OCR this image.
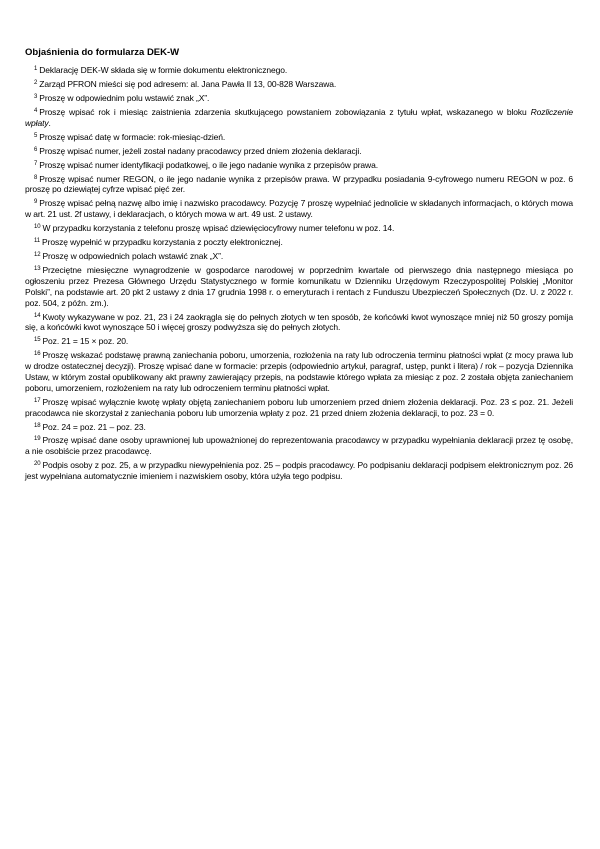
Objaśnienia do formularza DEK-W

$^1$ Deklarację DEK-W składa się w formie dokumentu elektronicznego.

$^2$ Zarząd PFRON mieści się pod adresem: al. Jana Pawła II 13, 00-828 Warszawa.

$^3$ Proszę w odpowiednim polu wstawić znak „X”.

$^4$ Proszę wpisać rok i miesiąc zaistnienia zdarzenia skutkującego powstaniem zobowiązania z tytułu wpłat, wskazanego w bloku Rozliczenie wpłaty.

$^5$ Proszę wpisać datę w formacie: rok-miesiąc-dzień.

$^6$ Proszę wpisać numer, jeżeli został nadany pracodawcy przed dniem złożenia deklaracji.

$^7$ Proszę wpisać numer identyfikacji podatkowej, o ile jego nadanie wynika z przepisów prawa.

$^8$ Proszę wpisać numer REGON, o ile jego nadanie wynika z przepisów prawa. W przypadku posiadania 9-cyfrowego numeru REGON w poz. 6 proszę po dziewiątej cyfrze wpisać pięć zer.

$^9$ Proszę wpisać pełną nazwę albo imię i nazwisko pracodawcy. Pozycję 7 proszę wypełniać jednolicie w składanych informacjach, o których mowa w art. 21 ust. 2f ustawy, i deklaracjach, o których mowa w art. 49 ust. 2 ustawy.

$^{10}$ W przypadku korzystania z telefonu proszę wpisać dziewięciocyfrowy numer telefonu w poz. 14.

$^{11}$ Proszę wypełnić w przypadku korzystania z poczty elektronicznej.

$^{12}$ Proszę w odpowiednich polach wstawić znak „X”.

$^{13}$ Przeciętne miesięczne wynagrodzenie w gospodarce narodowej w poprzednim kwartale od pierwszego dnia następnego miesiąca po ogłoszeniu przez Prezesa Głównego Urzędu Statystycznego w formie komunikatu w Dzienniku Urzędowym Rzeczypospolitej Polskiej „Monitor Polski”, na podstawie art. 20 pkt 2 ustawy z dnia 17 grudnia 1998 r. o emeryturach i rentach z Funduszu Ubezpieczeń Społecznych (Dz. U. z 2022 r. poz. 504, z późn. zm.).

$^{14}$ Kwoty wykazywane w poz. 21, 23 i 24 zaokrągla się do pełnych złotych w ten sposób, że końcówki kwot wynoszące mniej niż 50 groszy pomija się, a końcówki kwot wynoszące 50 i więcej groszy podwyższa się do pełnych złotych.

$^{15}$ Poz. 21 = 15 × poz. 20.

$^{16}$ Proszę wskazać podstawę prawną zaniechania poboru, umorzenia, rozłożenia na raty lub odroczenia terminu płatności wpłat (z mocy prawa lub w drodze ostatecznej decyzji). Proszę wpisać dane w formacie: przepis (odpowiednio artykuł, paragraf, ustęp, punkt i litera) / rok – pozycja Dziennika Ustaw, w którym został opublikowany akt prawny zawierający przepis, na podstawie którego wpłata za miesiąc z poz. 2 została objęta zaniechaniem poboru, umorzeniem, rozłożeniem na raty lub odroczeniem terminu płatności wpłat.

$^{17}$ Proszę wpisać wyłącznie kwotę wpłaty objętą zaniechaniem poboru lub umorzeniem przed dniem złożenia deklaracji. Poz. 23 ≤ poz. 21. Jeżeli pracodawca nie skorzystał z zaniechania poboru lub umorzenia wpłaty z poz. 21 przed dniem złożenia deklaracji, to poz. 23 = 0.

$^{18}$ Poz. 24 = poz. 21 – poz. 23.

$^{19}$ Proszę wpisać dane osoby uprawnionej lub upoważnionej do reprezentowania pracodawcy w przypadku wypełniania deklaracji przez tę osobę, a nie osobiście przez pracodawcę.

$^{20}$ Podpis osoby z poz. 25, a w przypadku niewypełnienia poz. 25 – podpis pracodawcy. Po podpisaniu deklaracji podpisem elektronicznym poz. 26 jest wypełniana automatycznie imieniem i nazwiskiem osoby, która użyła tego podpisu.
